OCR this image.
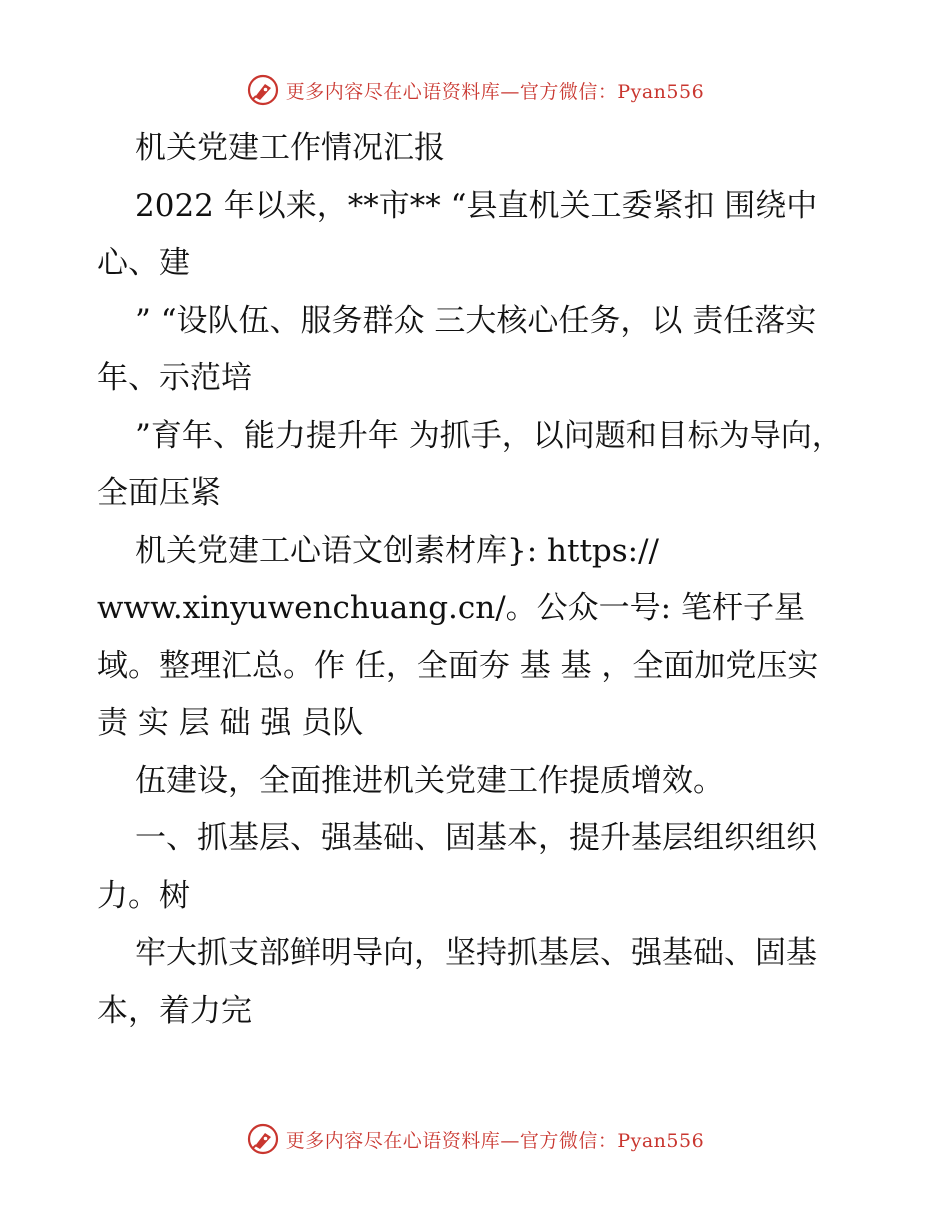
更多内容尽在心语资料库—官方微信：Pyan556

机关党建工作情况汇报

2022 年以来，**市** “县直机关工委紧扣 围绕中心、建

” “设队伍、服务群众 三大核心任务，以 责任落实年、示范培

”育年、能力提升年 为抓手，以问题和目标为导向，全面压紧

机关党建工心语文创素材库}: https://

www.xinyuwenchuang.cn/。公众一号: 笔杆子星域。整理汇总。作 任，全面夯 基 基 ，全面加党压实 责 实 层 础 强 员队

伍建设，全面推进机关党建工作提质增效。

一、抓基层、强基础、固基本，提升基层组织组织力。树

牢大抓支部鲜明导向，坚持抓基层、强基础、固基本，着力完

更多内容尽在心语资料库—官方微信：Pyan556
